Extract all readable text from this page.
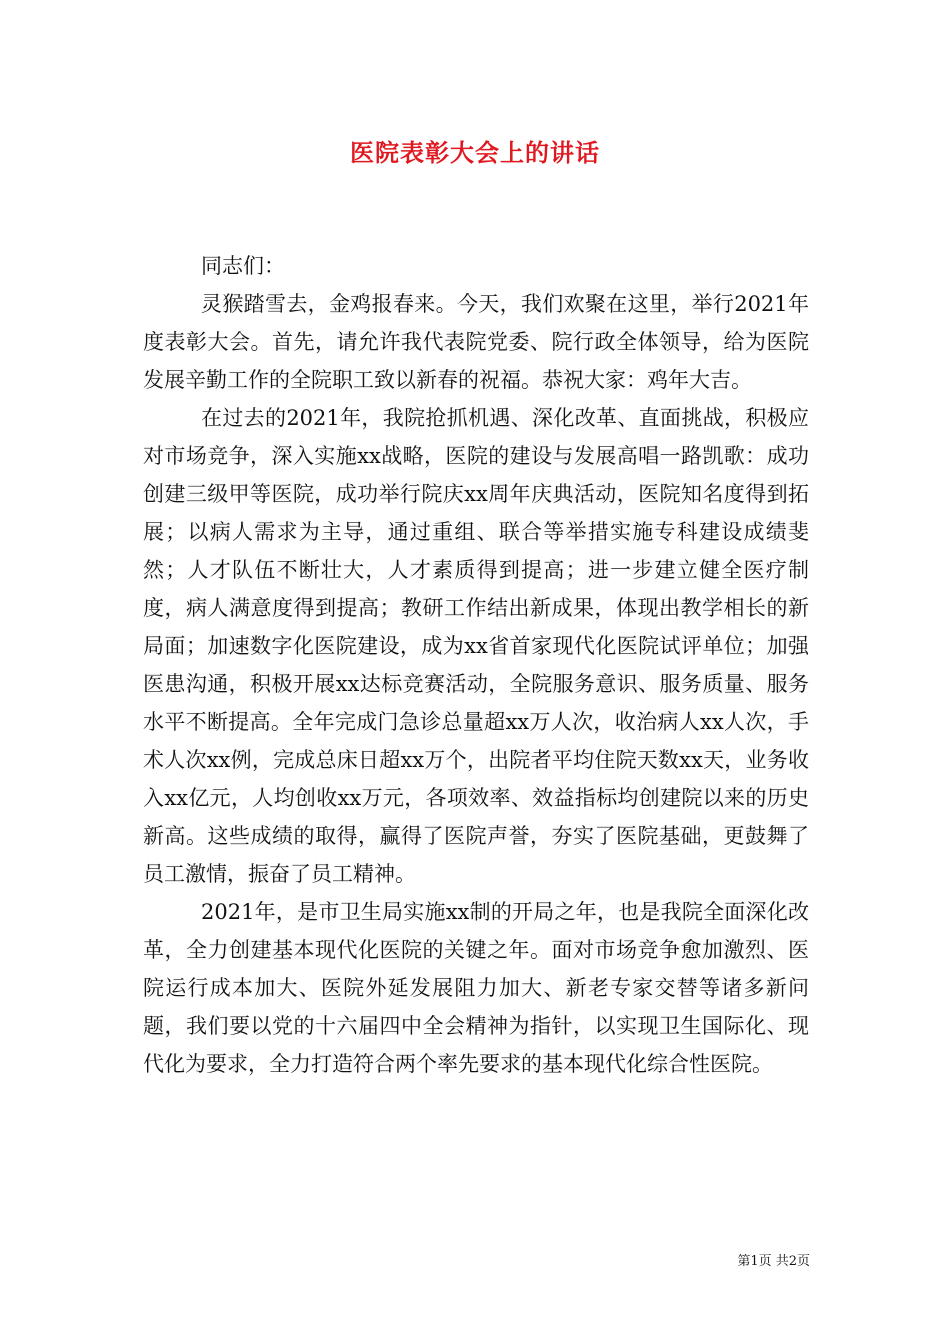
医院表彰大会上的讲话

同志们：

灵猴踏雪去，金鸡报春来。今天，我们欢聚在这里，举行2021年度表彰大会。首先，请允许我代表院党委、院行政全体领导，给为医院发展辛勤工作的全院职工致以新春的祝福。恭祝大家：鸡年大吉。

在过去的2021年，我院抢抓机遇、深化改革、直面挑战，积极应对市场竞争，深入实施xx战略，医院的建设与发展高唱一路凯歌：成功创建三级甲等医院，成功举行院庆xx周年庆典活动，医院知名度得到拓展；以病人需求为主导，通过重组、联合等举措实施专科建设成绩斐然；人才队伍不断壮大，人才素质得到提高；进一步建立健全医疗制度，病人满意度得到提高；教研工作结出新成果，体现出教学相长的新局面；加速数字化医院建设，成为xx省首家现代化医院试评单位；加强医患沟通，积极开展xx达标竞赛活动，全院服务意识、服务质量、服务水平不断提高。全年完成门急诊总量超xx万人次，收治病人xx人次，手术人次xx例，完成总床日超xx万个，出院者平均住院天数xx天，业务收入xx亿元，人均创收xx万元，各项效率、效益指标均创建院以来的历史新高。这些成绩的取得，赢得了医院声誉，夯实了医院基础，更鼓舞了员工激情，振奋了员工精神。

2021年，是市卫生局实施xx制的开局之年，也是我院全面深化改革，全力创建基本现代化医院的关键之年。面对市场竞争愈加激烈、医院运行成本加大、医院外延发展阻力加大、新老专家交替等诸多新问题，我们要以党的十六届四中全会精神为指针，以实现卫生国际化、现代化为要求，全力打造符合两个率先要求的基本现代化综合性医院。

第1页 共2页
